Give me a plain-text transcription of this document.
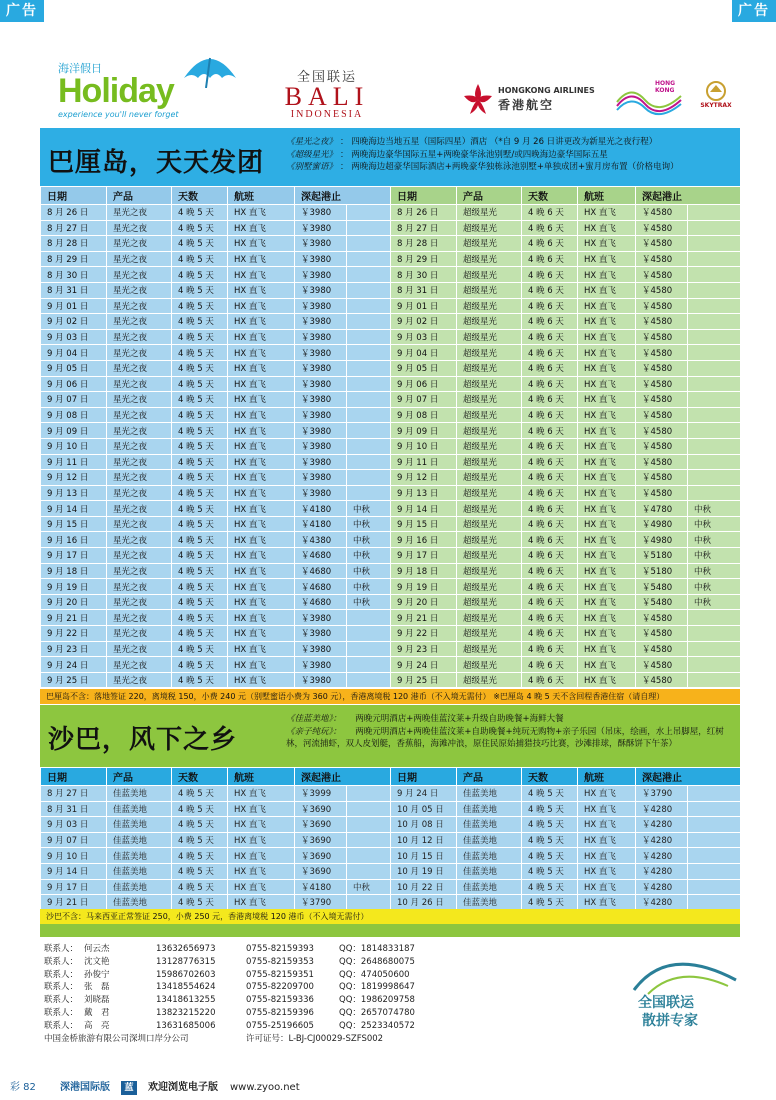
广告	广告
海洋假日
Holiday
experience you'll never forget
全国联运
BALI
INDONESIA
HONGKONG AIRLINES
香港航空
HONG KONG
SKYTRAX
巴厘岛，天天发团
《星光之夜》 ： 四晚海边当地五星（国际四星）酒店 （*自 9 月 26 日讲更改为新星光之夜行程）
《超级星光》 ： 两晚海边豪华国际五星+两晚豪华泳池别墅/或四晚海边豪华国际五星
《别墅蜜语》 ： 两晚海边超豪华国际酒店+两晚豪华独栋泳池别墅+单独成团+蜜月房布置（价格电询）
日期	产品	天数	航班	深起港止		日期	产品	天数	航班	深起港止	
8 月 26 日	星光之夜	4 晚 5 天	HX 直飞	￥3980		8 月 26 日	超级星光	4 晚 6 天	HX 直飞	￥4580	
8 月 27 日	星光之夜	4 晚 5 天	HX 直飞	￥3980		8 月 27 日	超级星光	4 晚 6 天	HX 直飞	￥4580	
8 月 28 日	星光之夜	4 晚 5 天	HX 直飞	￥3980		8 月 28 日	超级星光	4 晚 6 天	HX 直飞	￥4580	
8 月 29 日	星光之夜	4 晚 5 天	HX 直飞	￥3980		8 月 29 日	超级星光	4 晚 6 天	HX 直飞	￥4580	
8 月 30 日	星光之夜	4 晚 5 天	HX 直飞	￥3980		8 月 30 日	超级星光	4 晚 6 天	HX 直飞	￥4580	
8 月 31 日	星光之夜	4 晚 5 天	HX 直飞	￥3980		8 月 31 日	超级星光	4 晚 6 天	HX 直飞	￥4580	
9 月 01 日	星光之夜	4 晚 5 天	HX 直飞	￥3980		9 月 01 日	超级星光	4 晚 6 天	HX 直飞	￥4580	
9 月 02 日	星光之夜	4 晚 5 天	HX 直飞	￥3980		9 月 02 日	超级星光	4 晚 6 天	HX 直飞	￥4580	
9 月 03 日	星光之夜	4 晚 5 天	HX 直飞	￥3980		9 月 03 日	超级星光	4 晚 6 天	HX 直飞	￥4580	
9 月 04 日	星光之夜	4 晚 5 天	HX 直飞	￥3980		9 月 04 日	超级星光	4 晚 6 天	HX 直飞	￥4580	
9 月 05 日	星光之夜	4 晚 5 天	HX 直飞	￥3980		9 月 05 日	超级星光	4 晚 6 天	HX 直飞	￥4580	
9 月 06 日	星光之夜	4 晚 5 天	HX 直飞	￥3980		9 月 06 日	超级星光	4 晚 6 天	HX 直飞	￥4580	
9 月 07 日	星光之夜	4 晚 5 天	HX 直飞	￥3980		9 月 07 日	超级星光	4 晚 6 天	HX 直飞	￥4580	
9 月 08 日	星光之夜	4 晚 5 天	HX 直飞	￥3980		9 月 08 日	超级星光	4 晚 6 天	HX 直飞	￥4580	
9 月 09 日	星光之夜	4 晚 5 天	HX 直飞	￥3980		9 月 09 日	超级星光	4 晚 6 天	HX 直飞	￥4580	
9 月 10 日	星光之夜	4 晚 5 天	HX 直飞	￥3980		9 月 10 日	超级星光	4 晚 6 天	HX 直飞	￥4580	
9 月 11 日	星光之夜	4 晚 5 天	HX 直飞	￥3980		9 月 11 日	超级星光	4 晚 6 天	HX 直飞	￥4580	
9 月 12 日	星光之夜	4 晚 5 天	HX 直飞	￥3980		9 月 12 日	超级星光	4 晚 6 天	HX 直飞	￥4580	
9 月 13 日	星光之夜	4 晚 5 天	HX 直飞	￥3980		9 月 13 日	超级星光	4 晚 6 天	HX 直飞	￥4580	
9 月 14 日	星光之夜	4 晚 5 天	HX 直飞	￥4180	中秋	9 月 14 日	超级星光	4 晚 6 天	HX 直飞	￥4780	中秋
9 月 15 日	星光之夜	4 晚 5 天	HX 直飞	￥4180	中秋	9 月 15 日	超级星光	4 晚 6 天	HX 直飞	￥4980	中秋
9 月 16 日	星光之夜	4 晚 5 天	HX 直飞	￥4380	中秋	9 月 16 日	超级星光	4 晚 6 天	HX 直飞	￥4980	中秋
9 月 17 日	星光之夜	4 晚 5 天	HX 直飞	￥4680	中秋	9 月 17 日	超级星光	4 晚 6 天	HX 直飞	￥5180	中秋
9 月 18 日	星光之夜	4 晚 5 天	HX 直飞	￥4680	中秋	9 月 18 日	超级星光	4 晚 6 天	HX 直飞	￥5180	中秋
9 月 19 日	星光之夜	4 晚 5 天	HX 直飞	￥4680	中秋	9 月 19 日	超级星光	4 晚 6 天	HX 直飞	￥5480	中秋
9 月 20 日	星光之夜	4 晚 5 天	HX 直飞	￥4680	中秋	9 月 20 日	超级星光	4 晚 6 天	HX 直飞	￥5480	中秋
9 月 21 日	星光之夜	4 晚 5 天	HX 直飞	￥3980		9 月 21 日	超级星光	4 晚 6 天	HX 直飞	￥4580	
9 月 22 日	星光之夜	4 晚 5 天	HX 直飞	￥3980		9 月 22 日	超级星光	4 晚 6 天	HX 直飞	￥4580	
9 月 23 日	星光之夜	4 晚 5 天	HX 直飞	￥3980		9 月 23 日	超级星光	4 晚 6 天	HX 直飞	￥4580	
9 月 24 日	星光之夜	4 晚 5 天	HX 直飞	￥3980		9 月 24 日	超级星光	4 晚 6 天	HX 直飞	￥4580	
9 月 25 日	星光之夜	4 晚 5 天	HX 直飞	￥3980		9 月 25 日	超级星光	4 晚 6 天	HX 直飞	￥4580	
巴厘岛不含：落地签证 220，离境税 150，小费 240 元（别墅蜜语小费为 360 元），香港离境税 120 港币（不入境无需付） ※巴厘岛 4 晚 5 天不含回程香港住宿（请自理）
沙巴，风下之乡
《佳蓝美地》： 两晚元明酒店+两晚佳蓝汶莱+升级自助晚餐+海鲜大餐
《亲子纯玩》： 两晚元明酒店+两晚佳蓝汶莱+自助晚餐+纯玩无购物+亲子乐园（吊床，绘画，水上吊脚屋，红树林，河流捕虾，双人皮划艇，香蕉船，海滩冲浪，原住民原始捕猎技巧比赛，沙滩排球，酥酥饼下午茶）
日期	产品	天数	航班	深起港止		日期	产品	天数	航班	深起港止	
8 月 27 日	佳蓝美地	4 晚 5 天	HX 直飞	￥3999		9 月 24 日	佳蓝美地	4 晚 5 天	HX 直飞	￥3790	
8 月 31 日	佳蓝美地	4 晚 5 天	HX 直飞	￥3690		10 月 05 日	佳蓝美地	4 晚 5 天	HX 直飞	￥4280	
9 月 03 日	佳蓝美地	4 晚 5 天	HX 直飞	￥3690		10 月 08 日	佳蓝美地	4 晚 5 天	HX 直飞	￥4280	
9 月 07 日	佳蓝美地	4 晚 5 天	HX 直飞	￥3690		10 月 12 日	佳蓝美地	4 晚 5 天	HX 直飞	￥4280	
9 月 10 日	佳蓝美地	4 晚 5 天	HX 直飞	￥3690		10 月 15 日	佳蓝美地	4 晚 5 天	HX 直飞	￥4280	
9 月 14 日	佳蓝美地	4 晚 5 天	HX 直飞	￥3690		10 月 19 日	佳蓝美地	4 晚 5 天	HX 直飞	￥4280	
9 月 17 日	佳蓝美地	4 晚 5 天	HX 直飞	￥4180	中秋	10 月 22 日	佳蓝美地	4 晚 5 天	HX 直飞	￥4280	
9 月 21 日	佳蓝美地	4 晚 5 天	HX 直飞	￥3790		10 月 26 日	佳蓝美地	4 晚 5 天	HX 直飞	￥4280	
沙巴不含：马来西亚正常签证 250，小费 250 元，香港离境税 120 港币（不入境无需付）
联系人： 何云杰	13632656973	0755-82159393	QQ：1814833187
联系人： 沈文艳	13128776315	0755-82159353	QQ：2648680075
联系人： 孙俊宁	15986702603	0755-82159351	QQ：474050600
联系人： 张　磊	13418554624	0755-82209700	QQ：1819998647
联系人： 刘晓磊	13418613255	0755-82159336	QQ：1986209758
联系人： 戴　君	13823215220	0755-82159396	QQ：2657074780
联系人： 高　亮	13631685006	0755-25196605	QQ：2523340572
中国金桥旅游有限公司深圳口岸分公司	许可证号：L-BJ-CJ00029-SZFS002
全国联运
散拼专家
彩 82 深港国际版	蓝	欢迎浏览电子版 www.zyoo.net
